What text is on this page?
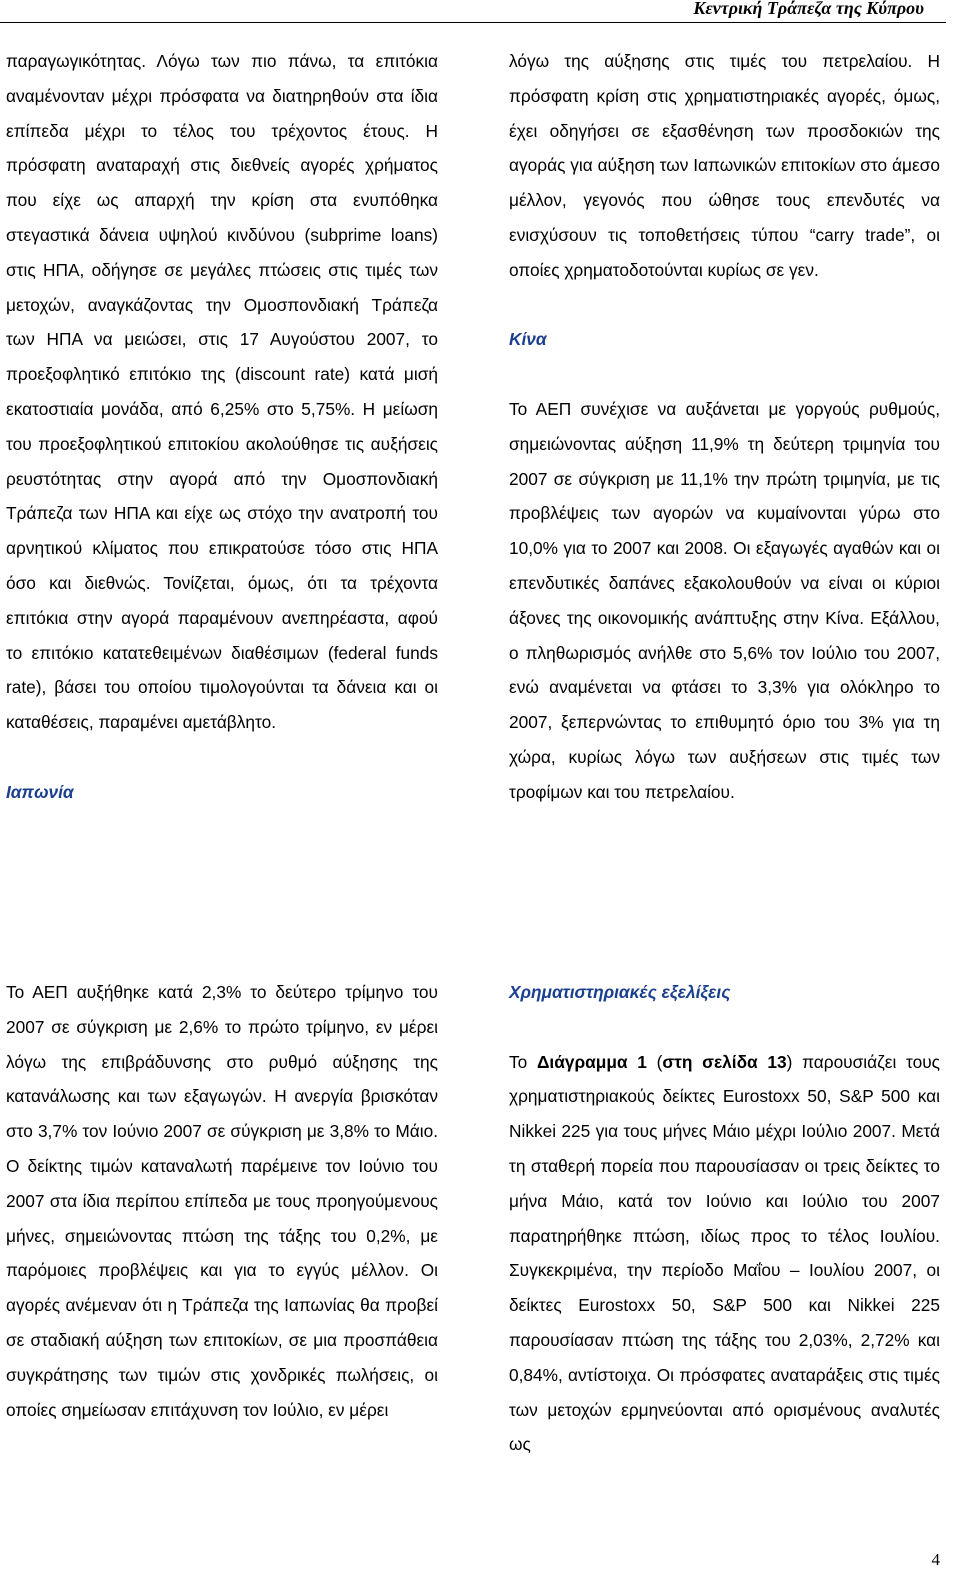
Κεντρική Τράπεζα της Κύπρου

παραγωγικότητας. Λόγω των πιο πάνω, τα επιτόκια αναμένονταν μέχρι πρόσφατα να διατηρηθούν στα ίδια επίπεδα μέχρι το τέλος του τρέχοντος έτους. Η πρόσφατη αναταραχή στις διεθνείς αγορές χρήματος που είχε ως απαρχή την κρίση στα ενυπόθηκα στεγαστικά δάνεια υψηλού κινδύνου (subprime loans) στις ΗΠΑ, οδήγησε σε μεγάλες πτώσεις στις τιμές των μετοχών, αναγκάζοντας την Ομοσπονδιακή Τράπεζα των ΗΠΑ να μειώσει, στις 17 Αυγούστου 2007, το προεξοφλητικό επιτόκιο της (discount rate) κατά μισή εκατοστιαία μονάδα, από 6,25% στο 5,75%. Η μείωση του προεξοφλητικού επιτοκίου ακολούθησε τις αυξήσεις ρευστότητας στην αγορά από την Ομοσπονδιακή Τράπεζα των ΗΠΑ και είχε ως στόχο την ανατροπή του αρνητικού κλίματος που επικρατούσε τόσο στις ΗΠΑ όσο και διεθνώς. Τονίζεται, όμως, ότι τα τρέχοντα επιτόκια στην αγορά παραμένουν ανεπηρέαστα, αφού το επιτόκιο κατατεθειμένων διαθέσιμων (federal funds rate), βάσει του οποίου τιμολογούνται τα δάνεια και οι καταθέσεις, παραμένει αμετάβλητο.

Ιαπωνία

λόγω της αύξησης στις τιμές του πετρελαίου. Η πρόσφατη κρίση στις χρηματιστηριακές αγορές, όμως, έχει οδηγήσει σε εξασθένηση των προσδοκιών της αγοράς για αύξηση των Ιαπωνικών επιτοκίων στο άμεσο μέλλον, γεγονός που ώθησε τους επενδυτές να ενισχύσουν τις τοποθετήσεις τύπου “carry trade”, οι οποίες χρηματοδοτούνται κυρίως σε γεν.

Κίνα

Το ΑΕΠ συνέχισε να αυξάνεται με γοργούς ρυθμούς, σημειώνοντας αύξηση 11,9% τη δεύτερη τριμηνία του 2007 σε σύγκριση με 11,1% την πρώτη τριμηνία, με τις προβλέψεις των αγορών να κυμαίνονται γύρω στο 10,0% για το 2007 και 2008. Οι εξαγωγές αγαθών και οι επενδυτικές δαπάνες εξακολουθούν να είναι οι κύριοι άξονες της οικονομικής ανάπτυξης στην Κίνα. Εξάλλου, ο πληθωρισμός ανήλθε στο 5,6% τον Ιούλιο του 2007, ενώ αναμένεται να φτάσει το 3,3% για ολόκληρο το 2007, ξεπερνώντας το επιθυμητό όριο του 3% για τη χώρα, κυρίως λόγω των αυξήσεων στις τιμές των τροφίμων και του πετρελαίου.

Το ΑΕΠ αυξήθηκε κατά 2,3% το δεύτερο τρίμηνο του 2007 σε σύγκριση με 2,6% το πρώτο τρίμηνο, εν μέρει λόγω της επιβράδυνσης στο ρυθμό αύξησης της κατανάλωσης και των εξαγωγών. Η ανεργία βρισκόταν στο 3,7% τον Ιούνιο 2007 σε σύγκριση με 3,8% το Μάιο. Ο δείκτης τιμών καταναλωτή παρέμεινε τον Ιούνιο του 2007 στα ίδια περίπου επίπεδα με τους προηγούμενους μήνες, σημειώνοντας πτώση της τάξης του 0,2%, με παρόμοιες προβλέψεις και για το εγγύς μέλλον. Οι αγορές ανέμεναν ότι η Τράπεζα της Ιαπωνίας θα προβεί σε σταδιακή αύξηση των επιτοκίων, σε μια προσπάθεια συγκράτησης των τιμών στις χονδρικές πωλήσεις, οι οποίες σημείωσαν επιτάχυνση τον Ιούλιο, εν μέρει

Χρηματιστηριακές εξελίξεις

Το Διάγραμμα 1 (στη σελίδα 13) παρουσιάζει τους χρηματιστηριακούς δείκτες Eurostoxx 50, S&P 500 και Nikkei 225 για τους μήνες Μάιο μέχρι Ιούλιο 2007. Μετά τη σταθερή πορεία που παρουσίασαν οι τρεις δείκτες το μήνα Μάιο, κατά τον Ιούνιο και Ιούλιο του 2007 παρατηρήθηκε πτώση, ιδίως προς το τέλος Ιουλίου. Συγκεκριμένα, την περίοδο Μαΐου – Ιουλίου 2007, οι δείκτες Eurostoxx 50, S&P 500 και Nikkei 225 παρουσίασαν πτώση της τάξης του 2,03%, 2,72% και 0,84%, αντίστοιχα. Οι πρόσφατες αναταράξεις στις τιμές των μετοχών ερμηνεύονται από ορισμένους αναλυτές ως

4
